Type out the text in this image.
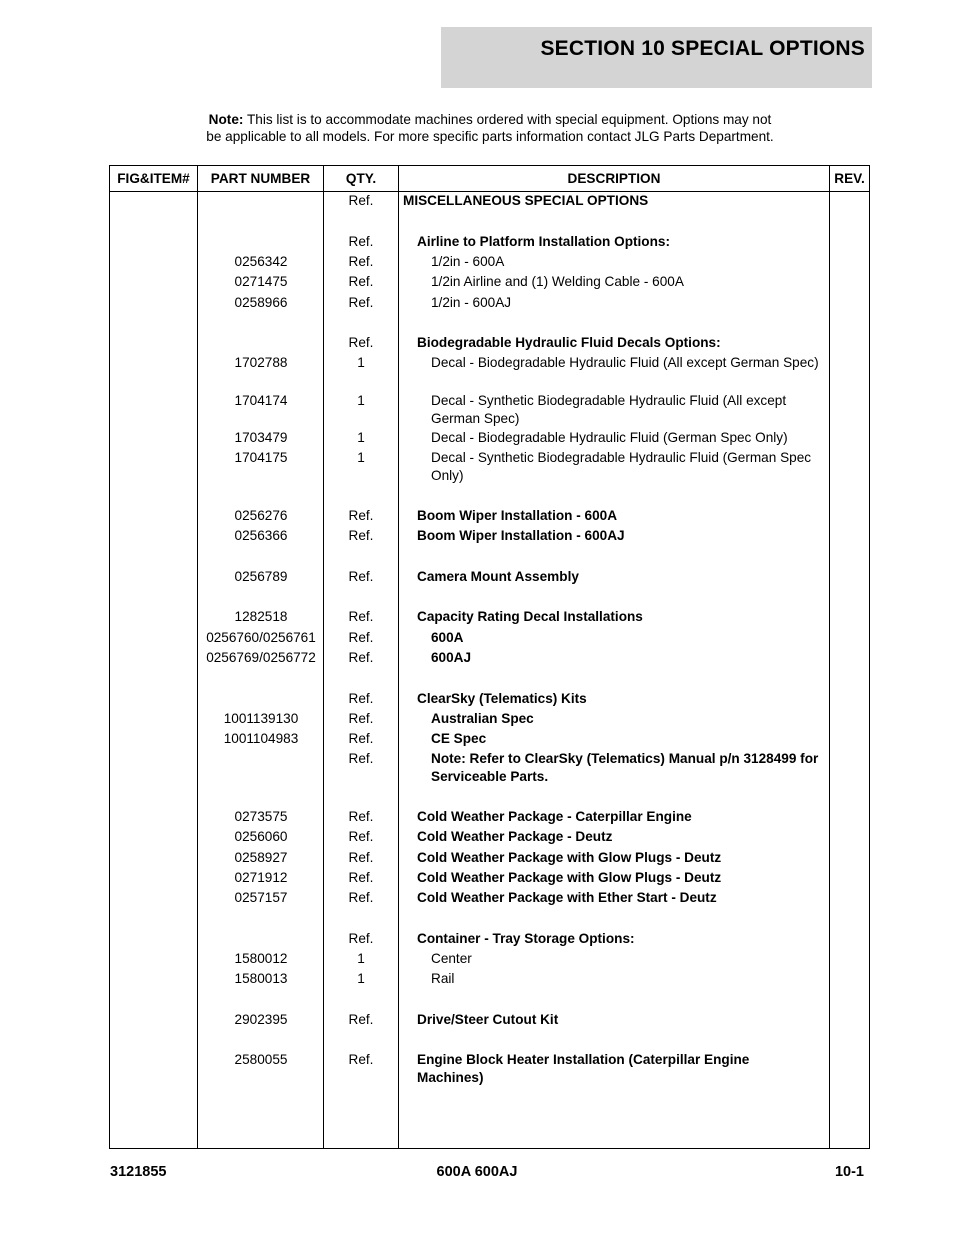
SECTION 10 SPECIAL OPTIONS
Note: This list is to accommodate machines ordered with special equipment. Options may not
be applicable to all models. For more specific parts information contact JLG Parts Department.
FIG&ITEM#	PART NUMBER	QTY.	DESCRIPTION	REV.
Ref.	MISCELLANEOUS SPECIAL OPTIONS
Ref.	Airline to Platform Installation Options:
0256342	Ref.	1/2in - 600A
0271475	Ref.	1/2in Airline and (1) Welding Cable - 600A
0258966	Ref.	1/2in - 600AJ
Ref.	Biodegradable Hydraulic Fluid Decals Options:
1702788	1	Decal - Biodegradable Hydraulic Fluid (All except German Spec)
1704174	1	Decal - Synthetic Biodegradable Hydraulic Fluid (All except German Spec)
1703479	1	Decal - Biodegradable Hydraulic Fluid (German Spec Only)
1704175	1	Decal - Synthetic Biodegradable Hydraulic Fluid (German Spec Only)
0256276	Ref.	Boom Wiper Installation - 600A
0256366	Ref.	Boom Wiper Installation - 600AJ
0256789	Ref.	Camera Mount Assembly
1282518	Ref.	Capacity Rating Decal Installations
0256760/0256761	Ref.	600A
0256769/0256772	Ref.	600AJ
Ref.	ClearSky (Telematics) Kits
1001139130	Ref.	Australian Spec
1001104983	Ref.	CE Spec
Ref.	Note: Refer to ClearSky (Telematics) Manual p/n 3128499 for Serviceable Parts.
0273575	Ref.	Cold Weather Package - Caterpillar Engine
0256060	Ref.	Cold Weather Package - Deutz
0258927	Ref.	Cold Weather Package with Glow Plugs - Deutz
0271912	Ref.	Cold Weather Package with Glow Plugs - Deutz
0257157	Ref.	Cold Weather Package with Ether Start - Deutz
Ref.	Container - Tray Storage Options:
1580012	1	Center
1580013	1	Rail
2902395	Ref.	Drive/Steer Cutout Kit
2580055	Ref.	Engine Block Heater Installation (Caterpillar Engine Machines)
3121855	600A 600AJ	10-1
